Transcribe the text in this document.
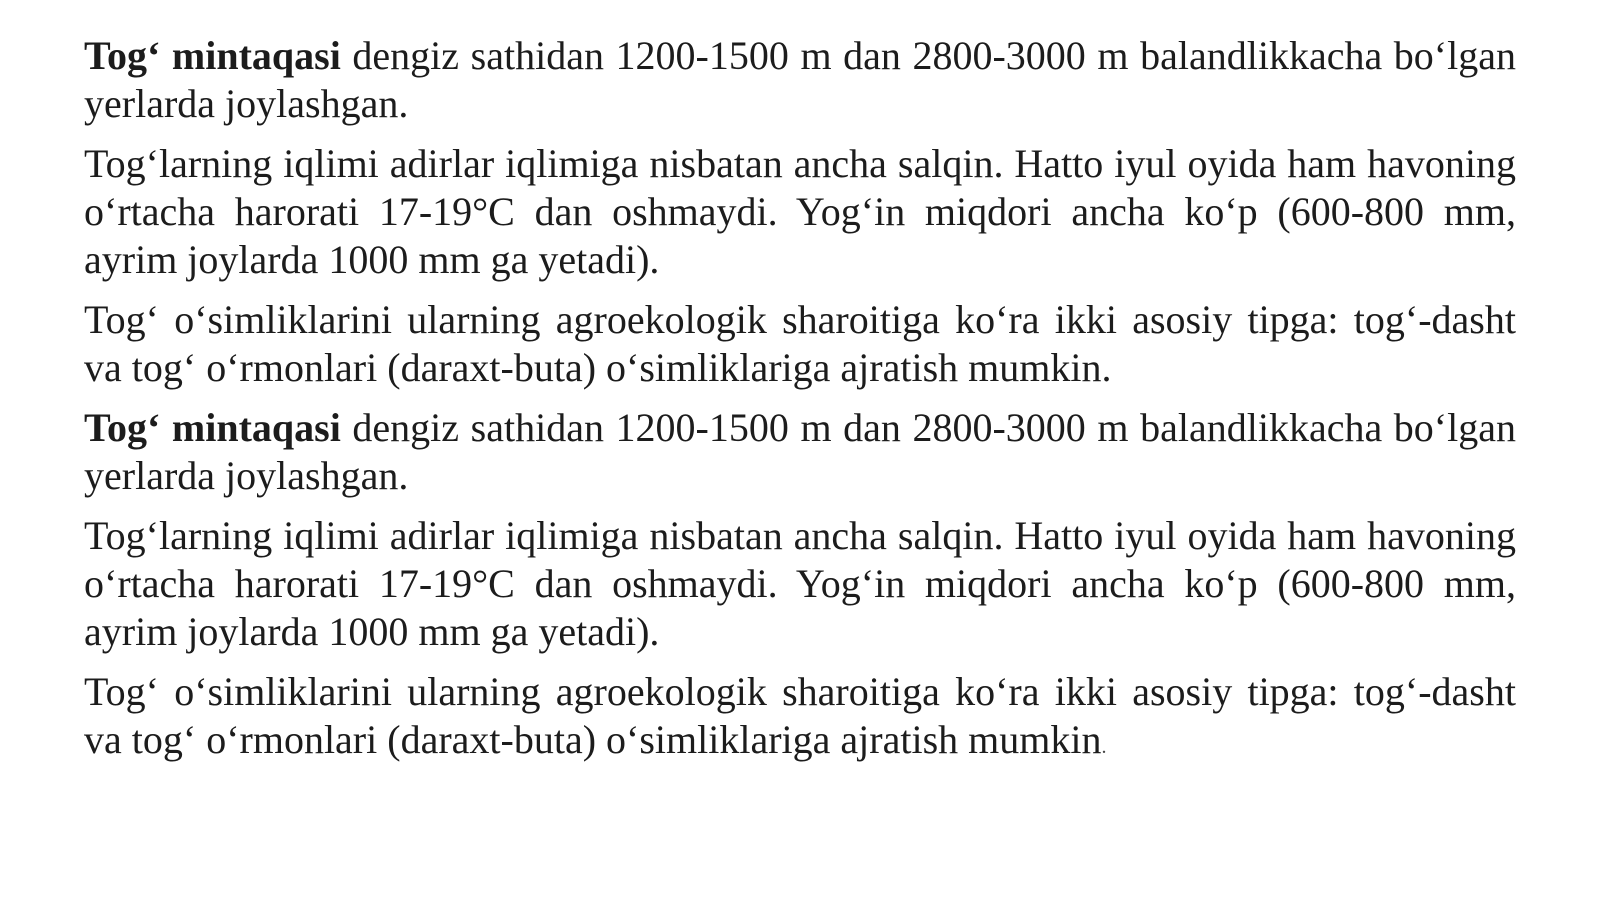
Tog‘ mintaqasi dengiz sathidan 1200-1500 m dan 2800-3000 m balandlikkacha bo‘lgan yerlarda joylashgan.

Tog‘larning iqlimi adirlar iqlimiga nisbatan ancha salqin. Hatto iyul oyida ham havoning o‘rtacha harorati 17-19°C dan oshmaydi. Yog‘in miqdori ancha ko‘p (600-800 mm, ayrim joylarda 1000 mm ga yetadi).

Tog‘ o‘simliklarini ularning agroekologik sharoitiga ko‘ra ikki asosiy tipga: tog‘-dasht va tog‘ o‘rmonlari (daraxt-buta) o‘simliklariga ajratish mumkin.

Tog‘ mintaqasi dengiz sathidan 1200-1500 m dan 2800-3000 m balandlikkacha bo‘lgan yerlarda joylashgan.

Tog‘larning iqlimi adirlar iqlimiga nisbatan ancha salqin. Hatto iyul oyida ham havoning o‘rtacha harorati 17-19°C dan oshmaydi. Yog‘in miqdori ancha ko‘p (600-800 mm, ayrim joylarda 1000 mm ga yetadi).

Tog‘ o‘simliklarini ularning agroekologik sharoitiga ko‘ra ikki asosiy tipga: tog‘-dasht va tog‘ o‘rmonlari (daraxt-buta) o‘simliklariga ajratish mumkin.
